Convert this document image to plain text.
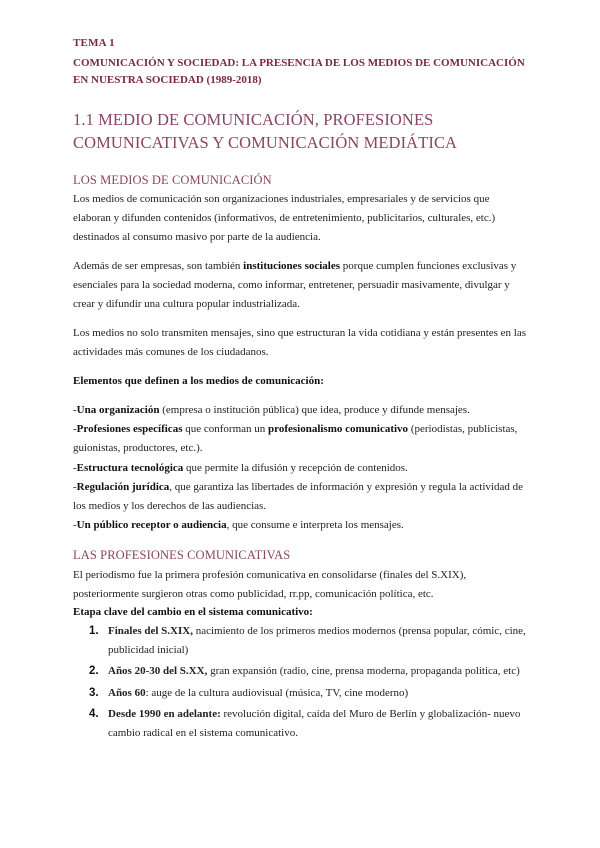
TEMA 1
COMUNICACIÓN Y SOCIEDAD: LA PRESENCIA DE LOS MEDIOS DE COMUNICACIÓN EN NUESTRA SOCIEDAD (1989-2018)
1.1 MEDIO DE COMUNICACIÓN, PROFESIONES COMUNICATIVAS Y COMUNICACIÓN MEDIÁTICA
LOS MEDIOS DE COMUNICACIÓN
Los medios de comunicación son organizaciones industriales, empresariales y de servicios que elaboran y difunden contenidos (informativos, de entretenimiento, publicitarios, culturales, etc.) destinados al consumo masivo por parte de la audiencia.
Además de ser empresas, son también instituciones sociales porque cumplen funciones exclusivas y esenciales para la sociedad moderna, como informar, entretener, persuadir masivamente, divulgar y crear y difundir una cultura popular industrializada.
Los medios no solo transmiten mensajes, sino que estructuran la vida cotidiana y están presentes en las actividades más comunes de los ciudadanos.
Elementos que definen a los medios de comunicación:
-Una organización (empresa o institución pública) que idea, produce y difunde mensajes.
-Profesiones específicas que conforman un profesionalismo comunicativo (periodistas, publicistas, guionistas, productores, etc.).
-Estructura tecnológica que permite la difusión y recepción de contenidos.
-Regulación jurídica, que garantiza las libertades de información y expresión y regula la actividad de los medios y los derechos de las audiencias.
-Un público receptor o audiencia, que consume e interpreta los mensajes.
LAS PROFESIONES COMUNICATIVAS
El periodismo fue la primera profesión comunicativa en consolidarse (finales del S.XIX), posteriormente surgieron otras como publicidad, rr.pp, comunicación política, etc.
Etapa clave del cambio en el sistema comunicativo:
1. Finales del S.XIX, nacimiento de los primeros medios modernos (prensa popular, cómic, cine, publicidad inicial)
2. Años 20-30 del S.XX, gran expansión (radio, cine, prensa moderna, propaganda política, etc)
3. Años 60: auge de la cultura audiovisual (música, TV, cine moderno)
4. Desde 1990 en adelante: revolución digital, caída del Muro de Berlín y globalización- nuevo cambio radical en el sistema comunicativo.
